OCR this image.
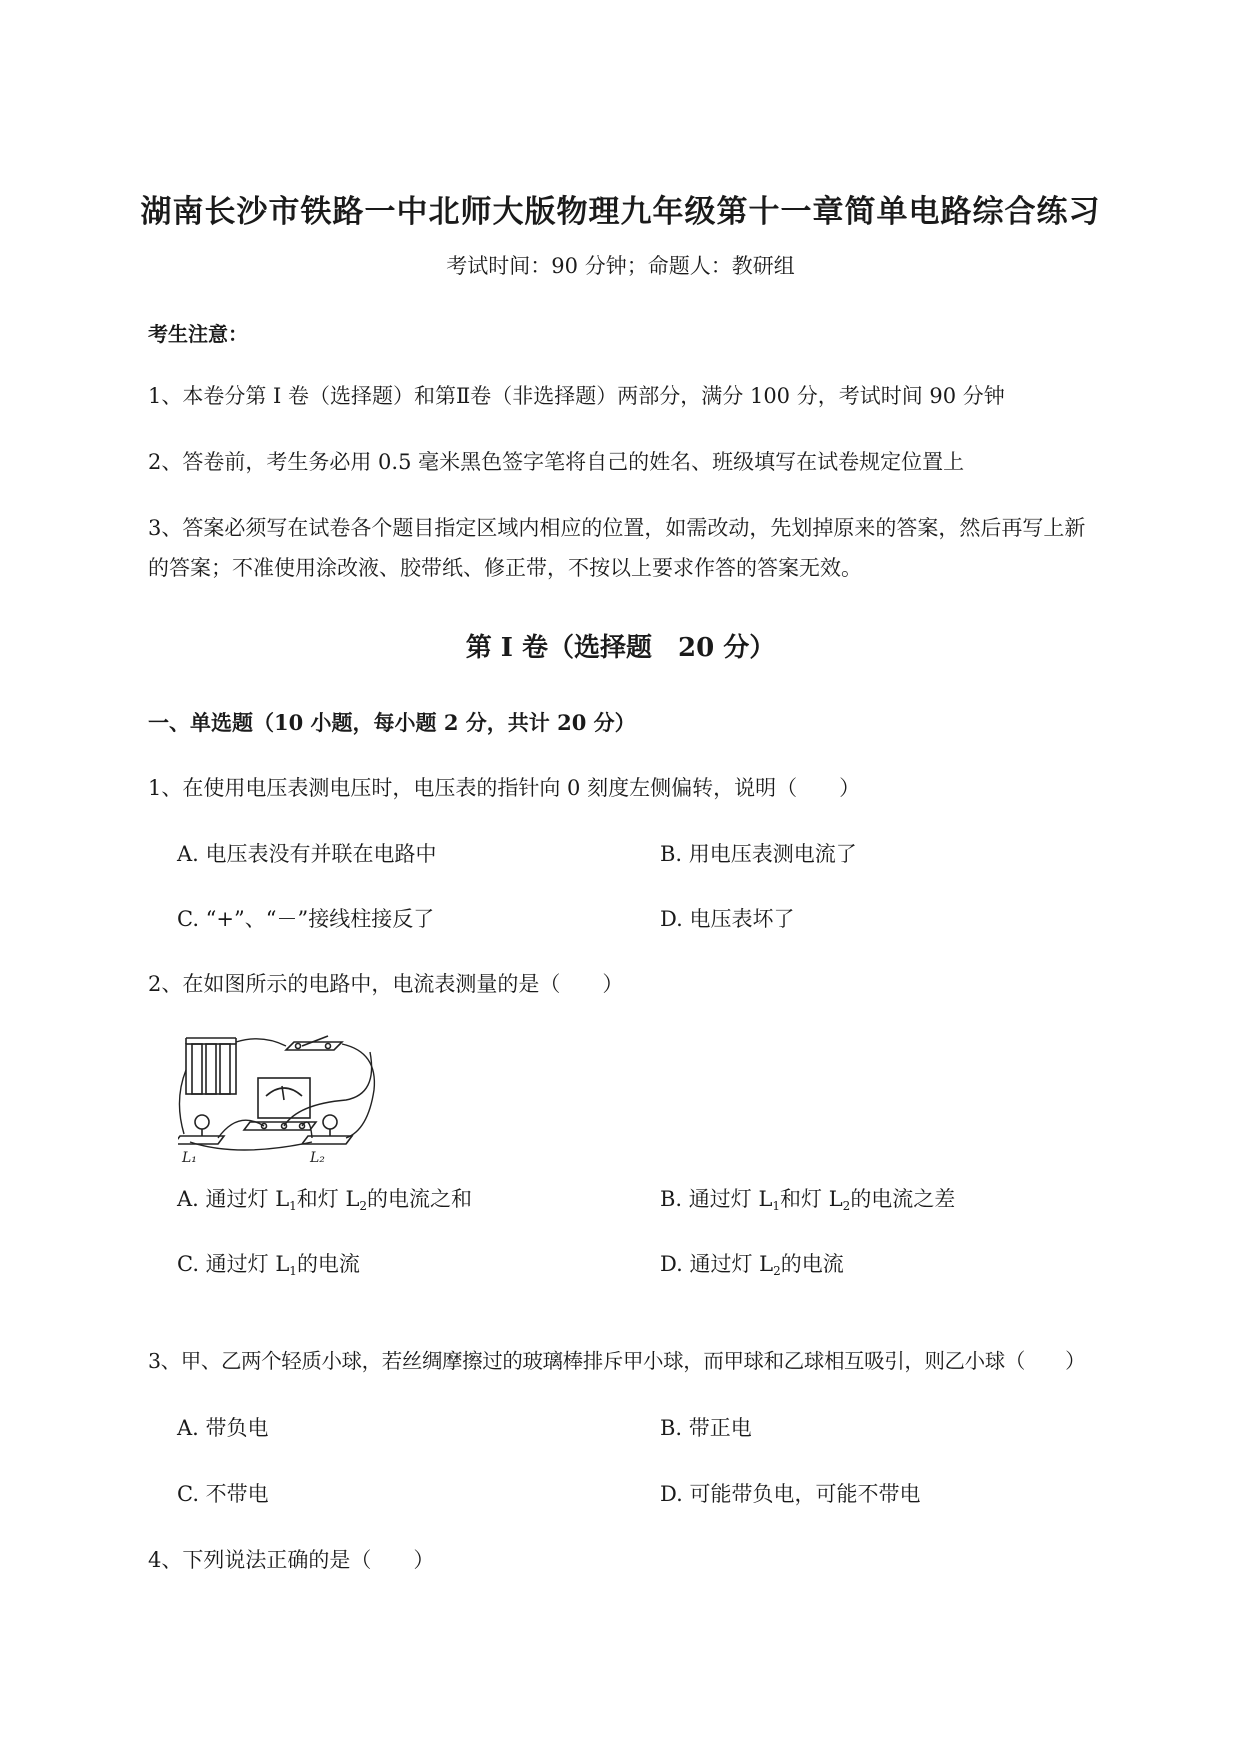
湖南长沙市铁路一中北师大版物理九年级第十一章简单电路综合练习
考试时间：90 分钟；命题人：教研组
考生注意：
1、本卷分第 I 卷（选择题）和第Ⅱ卷（非选择题）两部分，满分 100 分，考试时间 90 分钟
2、答卷前，考生务必用 0.5 毫米黑色签字笔将自己的姓名、班级填写在试卷规定位置上
3、答案必须写在试卷各个题目指定区域内相应的位置，如需改动，先划掉原来的答案，然后再写上新
的答案；不准使用涂改液、胶带纸、修正带，不按以上要求作答的答案无效。
第 I 卷（选择题　20 分）
一、单选题（10 小题，每小题 2 分，共计 20 分）
1、在使用电压表测电压时，电压表的指针向 0 刻度左侧偏转，说明（　　）
A. 电压表没有并联在电路中	B. 用电压表测电流了
C. “+”、“－”接线柱接反了	D. 电压表坏了
2、在如图所示的电路中，电流表测量的是（　　）
L₁	L₂
A. 通过灯 $L_1$和灯 $L_2$的电流之和	B. 通过灯 $L_1$和灯 $L_2$的电流之差
C. 通过灯 $L_1$的电流	D. 通过灯 $L_2$的电流
3、甲、乙两个轻质小球，若丝绸摩擦过的玻璃棒排斥甲小球，而甲球和乙球相互吸引，则乙小球（　　）
A. 带负电	B. 带正电
C. 不带电	D. 可能带负电，可能不带电
4、下列说法正确的是（　　）
